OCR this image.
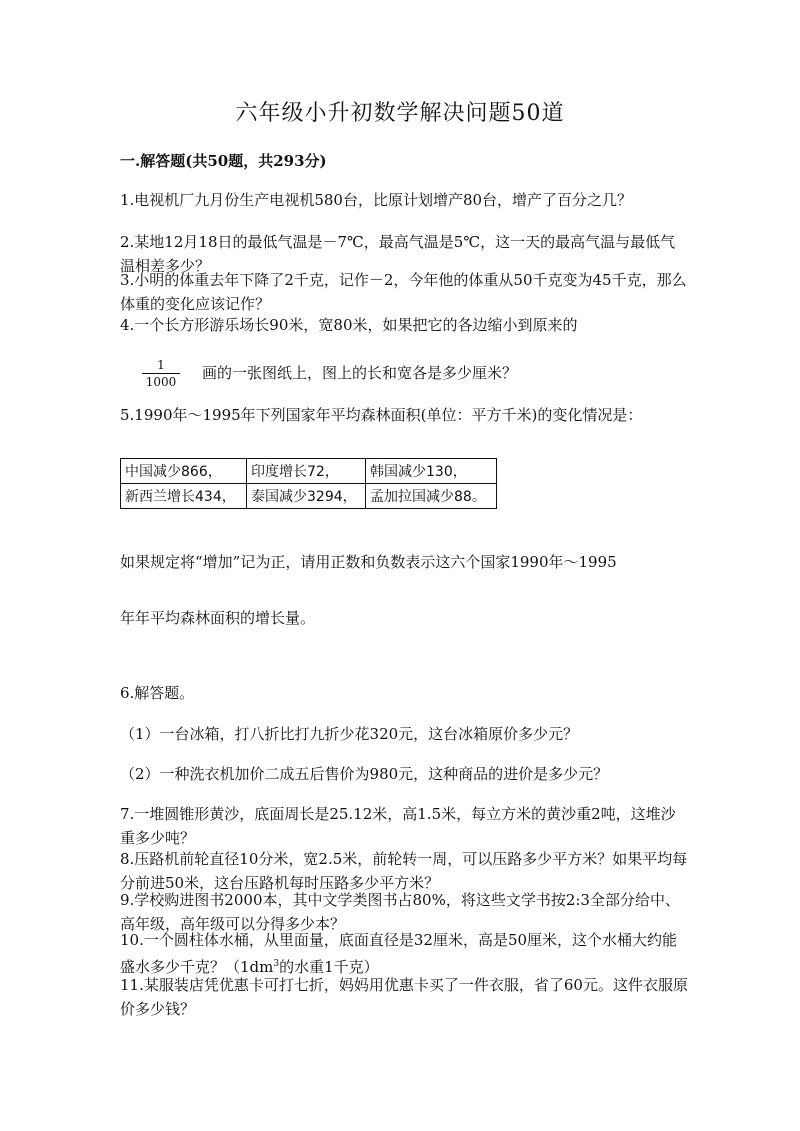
六年级小升初数学解决问题50道
一.解答题(共50题，共293分)
1.电视机厂九月份生产电视机580台，比原计划增产80台，增产了百分之几？
2.某地12月18日的最低气温是－7℃，最高气温是5℃，这一天的最高气温与最低气温相差多少？
3.小明的体重去年下降了2千克，记作－2，今年他的体重从50千克变为45千克，那么体重的变化应该记作？
4.一个长方形游乐场长90米，宽80米，如果把它的各边缩小到原来的
$\frac{1}{1000}$ 画的一张图纸上，图上的长和宽各是多少厘米？
5.1990年～1995年下列国家年平均森林面积(单位：平方千米)的变化情况是：
中国减少866，	印度增长72，	韩国减少130，
新西兰增长434，	泰国减少3294，	孟加拉国减少88。
如果规定将“增加”记为正，请用正数和负数表示这六个国家1990年～1995
年年平均森林面积的增长量。
6.解答题。
（1）一台冰箱，打八折比打九折少花320元，这台冰箱原价多少元？
（2）一种洗衣机加价二成五后售价为980元，这种商品的进价是多少元？
7.一堆圆锥形黄沙，底面周长是25.12米，高1.5米，每立方米的黄沙重2吨，这堆沙重多少吨？
8.压路机前轮直径10分米，宽2.5米，前轮转一周，可以压路多少平方米？如果平均每分前进50米，这台压路机每时压路多少平方米？
9.学校购进图书2000本，其中文学类图书占80%，将这些文学书按2:3全部分给中、高年级，高年级可以分得多少本？
10.一个圆柱体水桶，从里面量，底面直径是32厘米，高是50厘米，这个水桶大约能盛水多少千克？（$1dm^3$的水重1千克）
11.某服装店凭优惠卡可打七折，妈妈用优惠卡买了一件衣服，省了60元。这件衣服原价多少钱？
